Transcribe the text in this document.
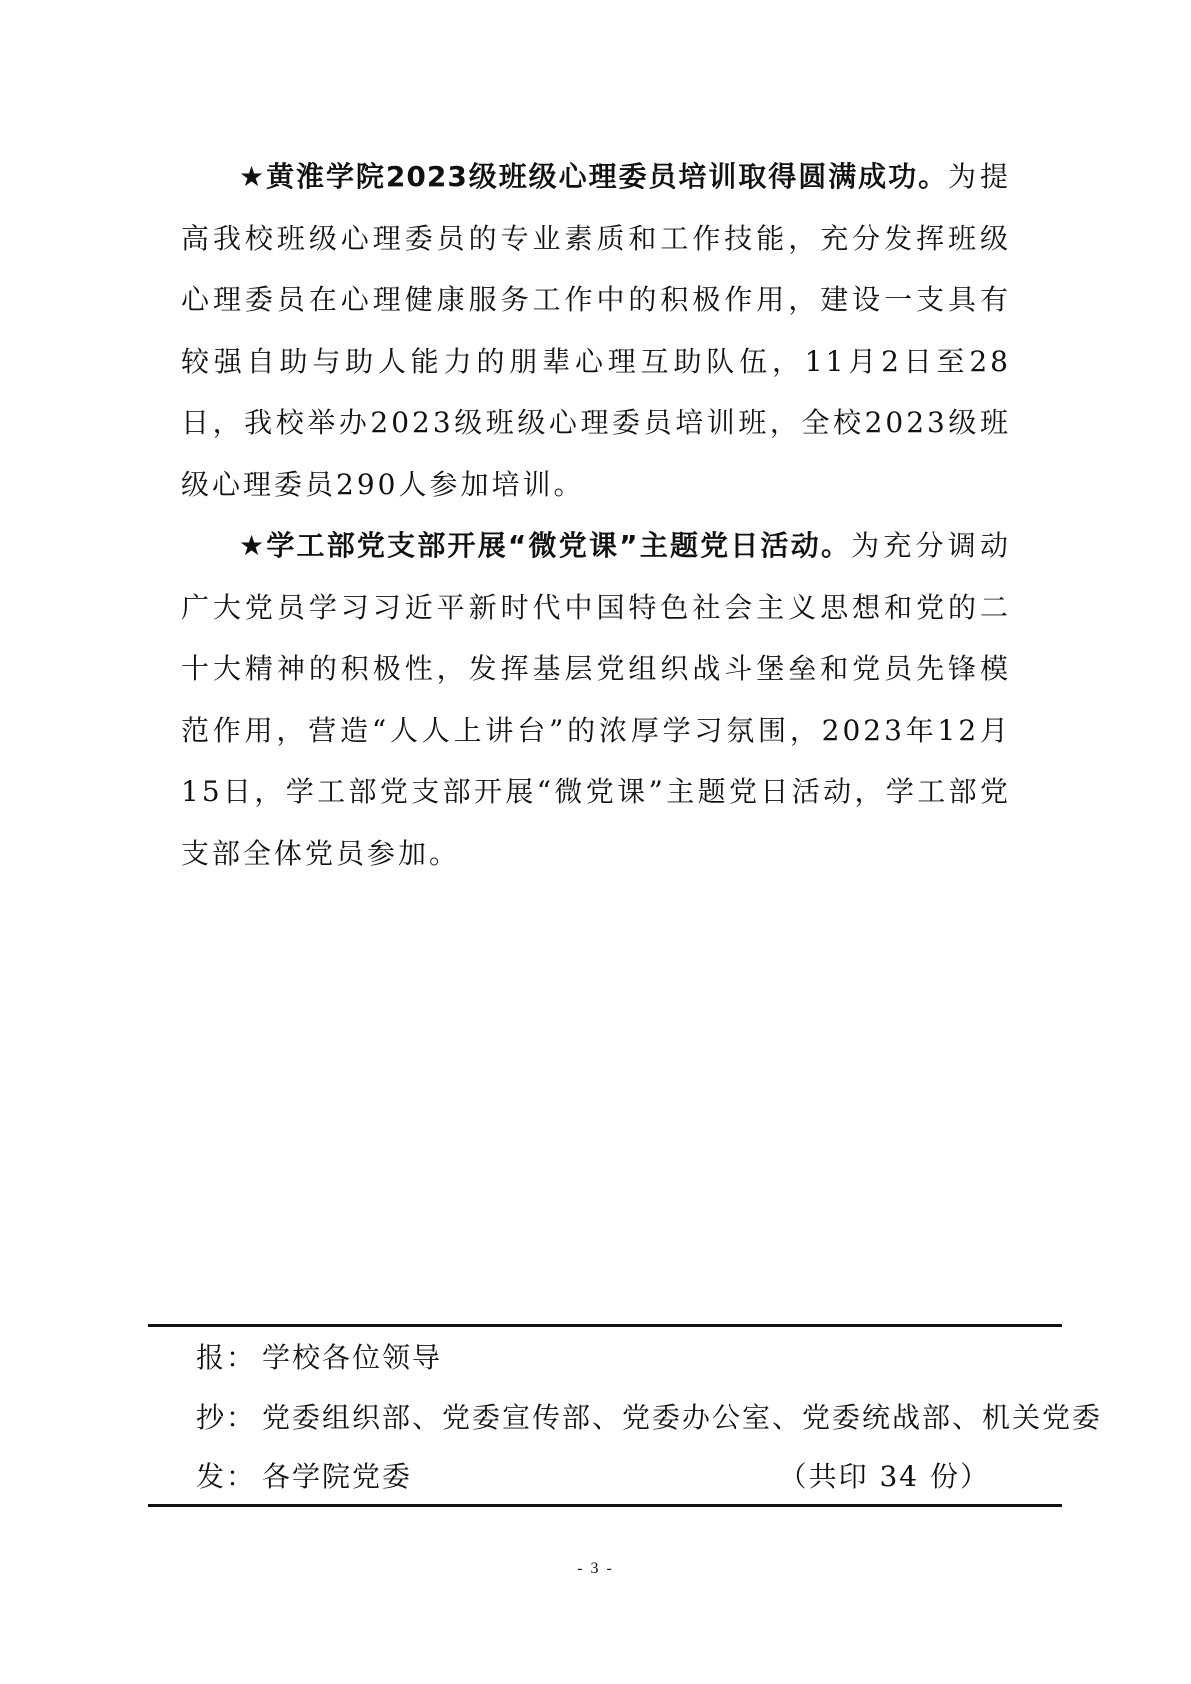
★黄淮学院2023级班级心理委员培训取得圆满成功。为提高我校班级心理委员的专业素质和工作技能，充分发挥班级心理委员在心理健康服务工作中的积极作用，建设一支具有较强自助与助人能力的朋辈心理互助队伍，11月2日至28日，我校举办2023级班级心理委员培训班，全校2023级班级心理委员290人参加培训。

★学工部党支部开展“微党课”主题党日活动。为充分调动广大党员学习习近平新时代中国特色社会主义思想和党的二十大精神的积极性，发挥基层党组织战斗堡垒和党员先锋模范作用，营造“人人上讲台”的浓厚学习氛围，2023年12月15日，学工部党支部开展“微党课”主题党日活动，学工部党支部全体党员参加。

报： 学校各位领导
抄： 党委组织部、党委宣传部、党委办公室、党委统战部、机关党委
发： 各学院党委	（共印 34 份）
- 3 -
